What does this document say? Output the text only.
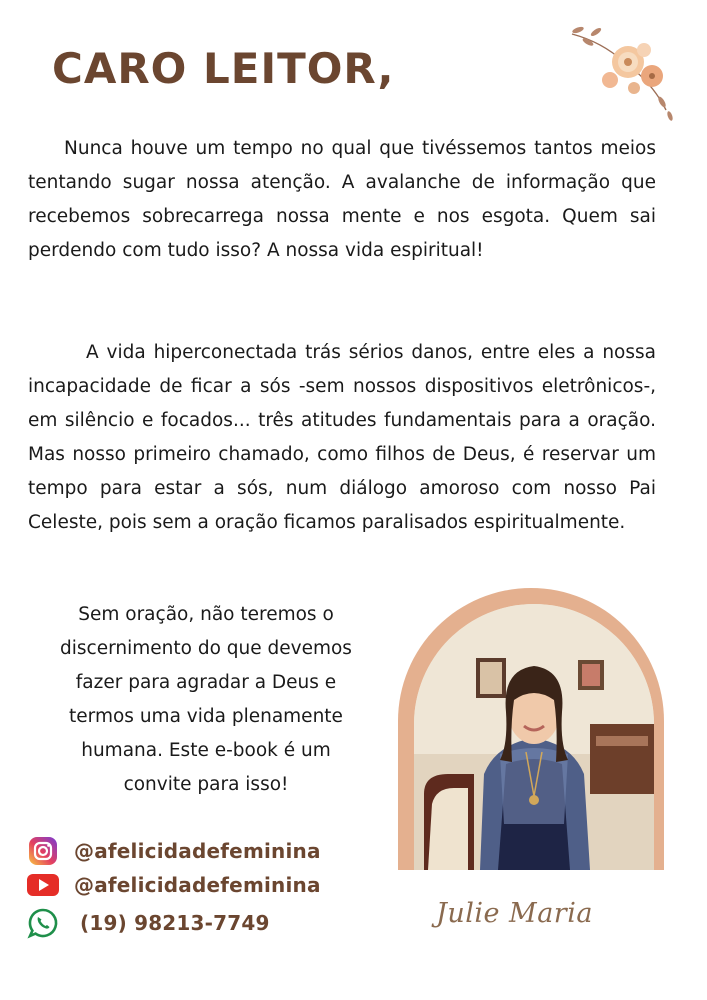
CARO LEITOR,

Nunca houve um tempo no qual que tivéssemos tantos meios tentando sugar nossa atenção. A avalanche de informação que recebemos sobrecarrega nossa mente e nos esgota. Quem sai perdendo com tudo isso? A nossa vida espiritual!

A vida hiperconectada trás sérios danos, entre eles a nossa incapacidade de ficar a sós -sem nossos dispositivos eletrônicos-, em silêncio e focados... três atitudes fundamentais para a oração. Mas nosso primeiro chamado, como filhos de Deus, é reservar um tempo para estar a sós, num diálogo amoroso com nosso Pai Celeste, pois sem a oração ficamos paralisados espiritualmente.

Sem oração, não teremos o
discernimento do que devemos
fazer para agradar a Deus e
termos uma vida plenamente
humana. Este e-book é um
convite para isso!
@afelicidadefeminina
@afelicidadefeminina
(19) 98213-7749	Julie Maria
